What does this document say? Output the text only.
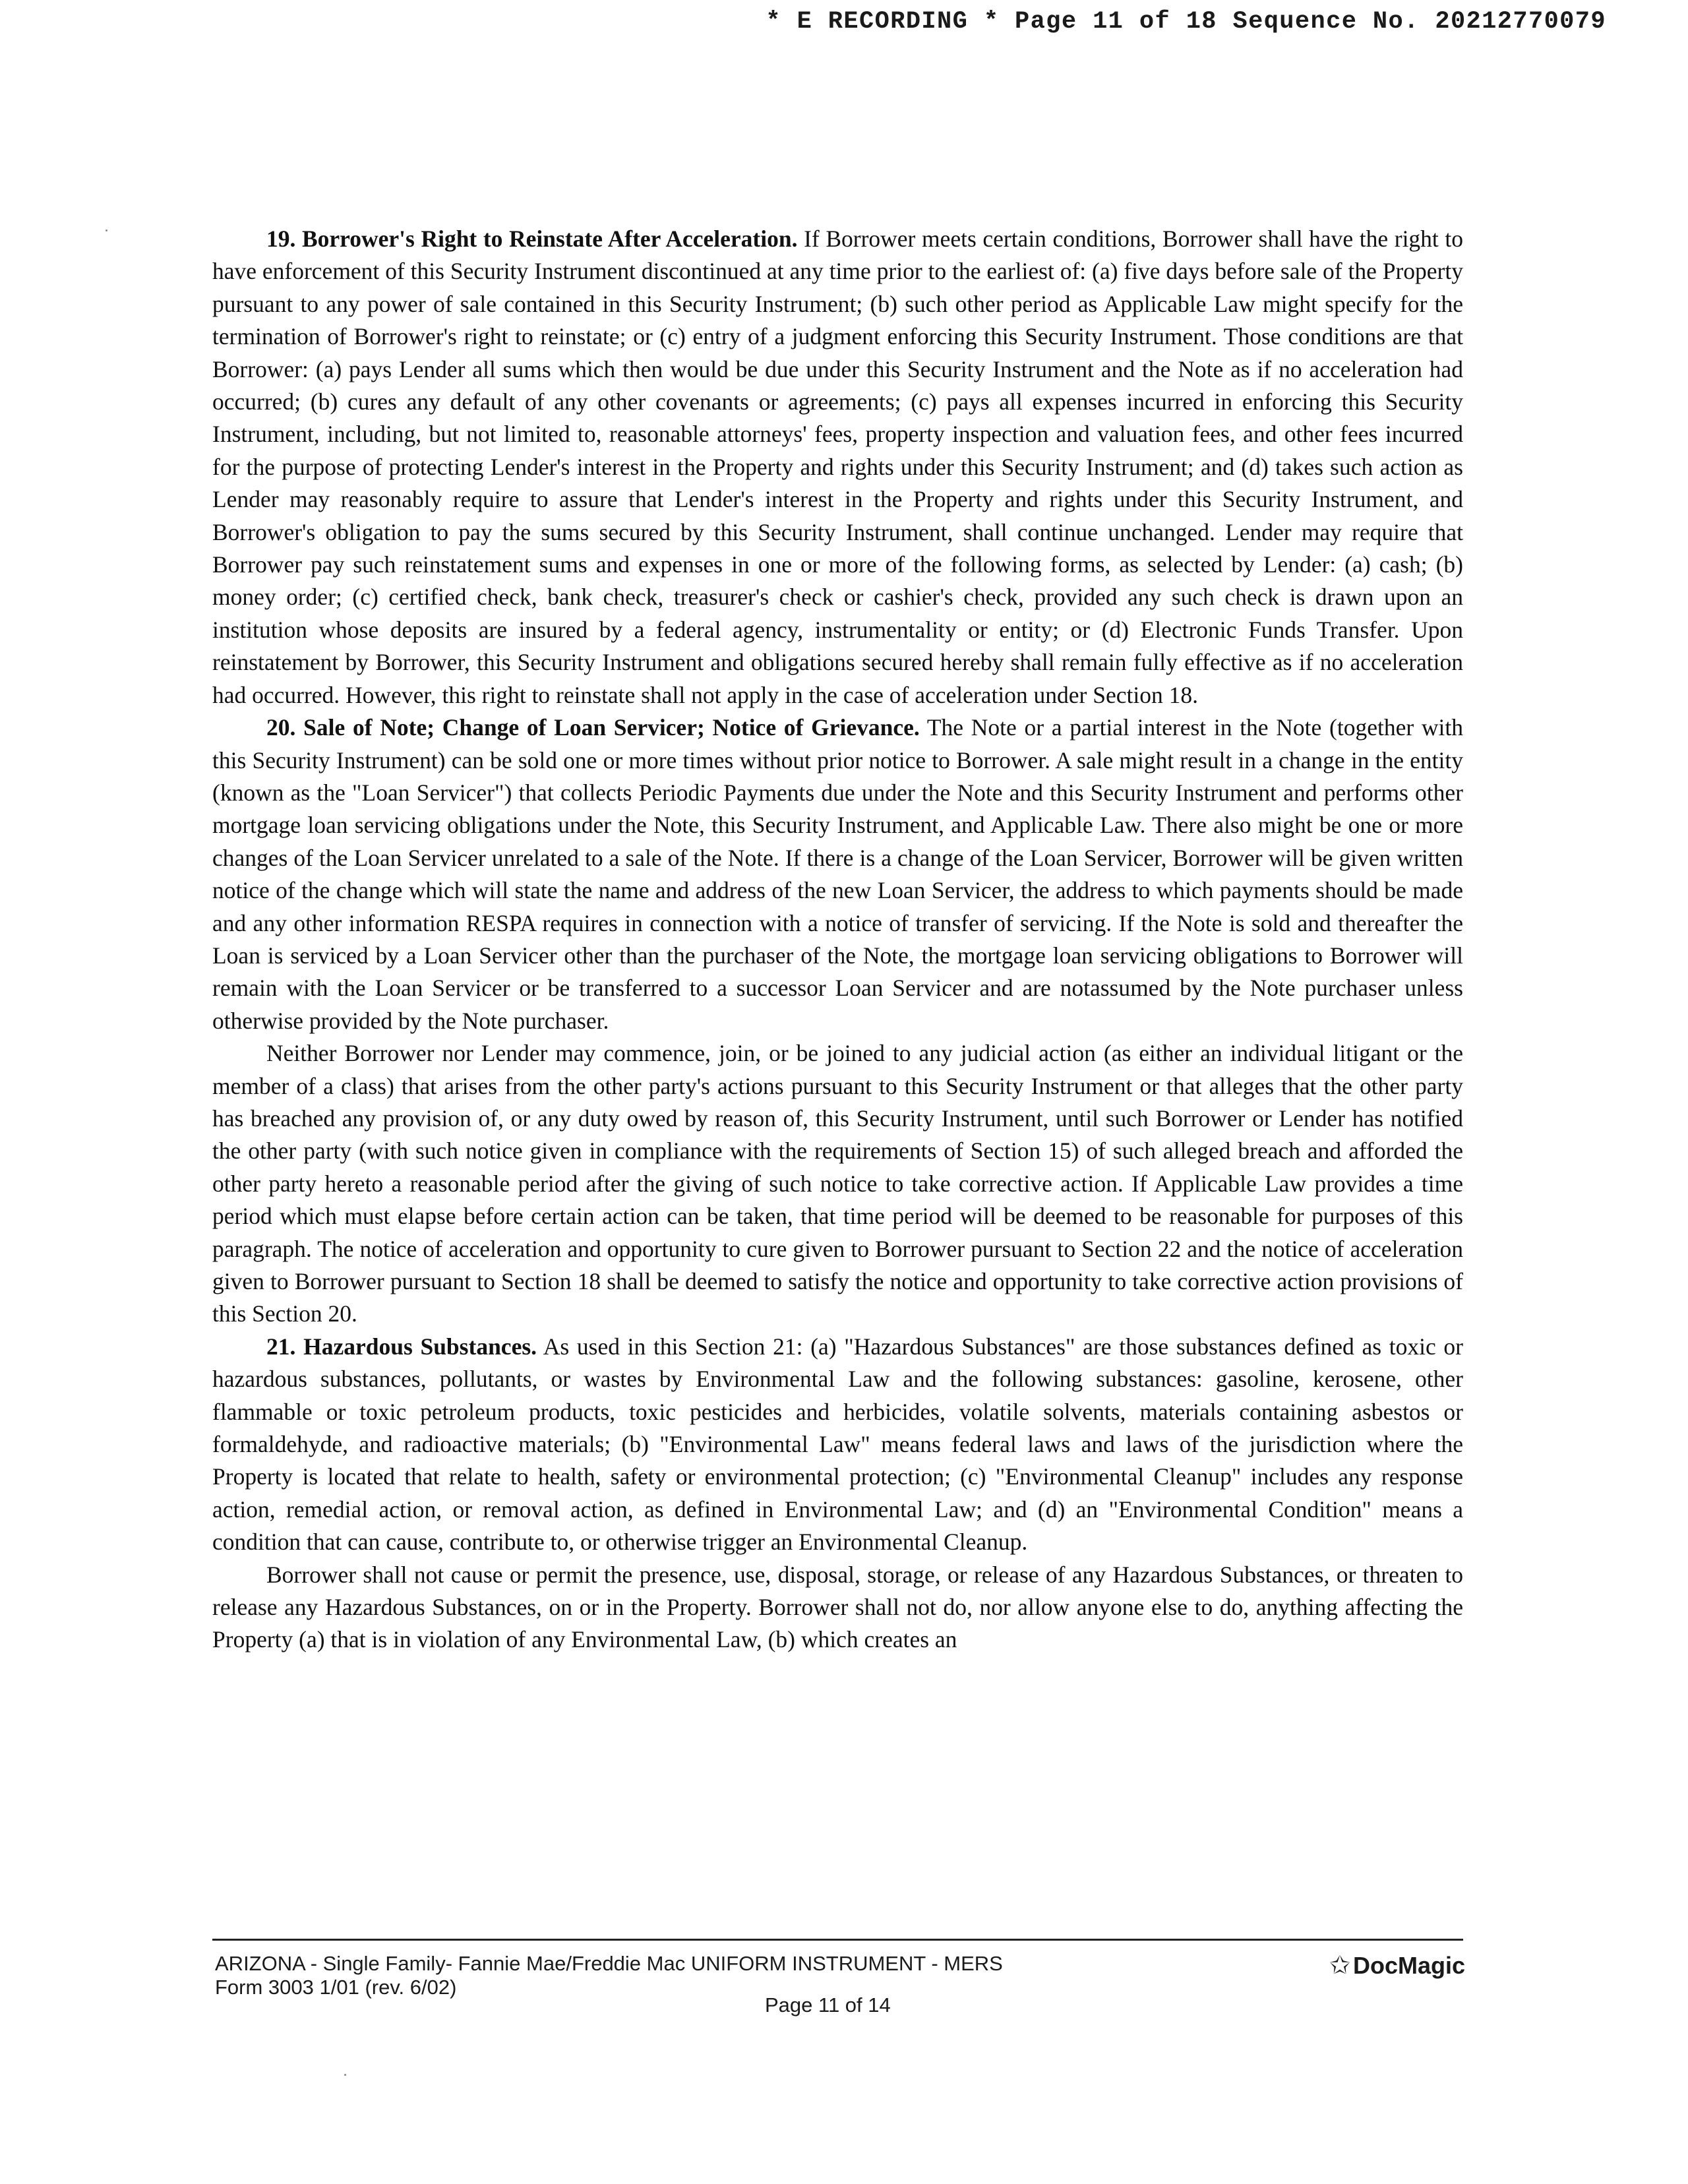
* E RECORDING * Page 11 of 18 Sequence No. 20212770079

19. Borrower's Right to Reinstate After Acceleration. If Borrower meets certain conditions, Borrower shall have the right to have enforcement of this Security Instrument discontinued at any time prior to the earliest of: (a) five days before sale of the Property pursuant to any power of sale contained in this Security Instrument; (b) such other period as Applicable Law might specify for the termination of Borrower's right to reinstate; or (c) entry of a judgment enforcing this Security Instrument. Those conditions are that Borrower: (a) pays Lender all sums which then would be due under this Security Instrument and the Note as if no acceleration had occurred; (b) cures any default of any other covenants or agreements; (c) pays all expenses incurred in enforcing this Security Instrument, including, but not limited to, reasonable attorneys' fees, property inspection and valuation fees, and other fees incurred for the purpose of protecting Lender's interest in the Property and rights under this Security Instrument; and (d) takes such action as Lender may reasonably require to assure that Lender's interest in the Property and rights under this Security Instrument, and Borrower's obligation to pay the sums secured by this Security Instrument, shall continue unchanged. Lender may require that Borrower pay such reinstatement sums and expenses in one or more of the following forms, as selected by Lender: (a) cash; (b) money order; (c) certified check, bank check, treasurer's check or cashier's check, provided any such check is drawn upon an institution whose deposits are insured by a federal agency, instrumentality or entity; or (d) Electronic Funds Transfer. Upon reinstatement by Borrower, this Security Instrument and obligations secured hereby shall remain fully effective as if no acceleration had occurred. However, this right to reinstate shall not apply in the case of acceleration under Section 18.

20. Sale of Note; Change of Loan Servicer; Notice of Grievance. The Note or a partial interest in the Note (together with this Security Instrument) can be sold one or more times without prior notice to Borrower. A sale might result in a change in the entity (known as the "Loan Servicer") that collects Periodic Payments due under the Note and this Security Instrument and performs other mortgage loan servicing obligations under the Note, this Security Instrument, and Applicable Law. There also might be one or more changes of the Loan Servicer unrelated to a sale of the Note. If there is a change of the Loan Servicer, Borrower will be given written notice of the change which will state the name and address of the new Loan Servicer, the address to which payments should be made and any other information RESPA requires in connection with a notice of transfer of servicing. If the Note is sold and thereafter the Loan is serviced by a Loan Servicer other than the purchaser of the Note, the mortgage loan servicing obligations to Borrower will remain with the Loan Servicer or be transferred to a successor Loan Servicer and are notassumed by the Note purchaser unless otherwise provided by the Note purchaser.

Neither Borrower nor Lender may commence, join, or be joined to any judicial action (as either an individual litigant or the member of a class) that arises from the other party's actions pursuant to this Security Instrument or that alleges that the other party has breached any provision of, or any duty owed by reason of, this Security Instrument, until such Borrower or Lender has notified the other party (with such notice given in compliance with the requirements of Section 15) of such alleged breach and afforded the other party hereto a reasonable period after the giving of such notice to take corrective action. If Applicable Law provides a time period which must elapse before certain action can be taken, that time period will be deemed to be reasonable for purposes of this paragraph. The notice of acceleration and opportunity to cure given to Borrower pursuant to Section 22 and the notice of acceleration given to Borrower pursuant to Section 18 shall be deemed to satisfy the notice and opportunity to take corrective action provisions of this Section 20.

21. Hazardous Substances. As used in this Section 21: (a) "Hazardous Substances" are those substances defined as toxic or hazardous substances, pollutants, or wastes by Environmental Law and the following substances: gasoline, kerosene, other flammable or toxic petroleum products, toxic pesticides and herbicides, volatile solvents, materials containing asbestos or formaldehyde, and radioactive materials; (b) "Environmental Law" means federal laws and laws of the jurisdiction where the Property is located that relate to health, safety or environmental protection; (c) "Environmental Cleanup" includes any response action, remedial action, or removal action, as defined in Environmental Law; and (d) an "Environmental Condition" means a condition that can cause, contribute to, or otherwise trigger an Environmental Cleanup.

Borrower shall not cause or permit the presence, use, disposal, storage, or release of any Hazardous Substances, or threaten to release any Hazardous Substances, on or in the Property. Borrower shall not do, nor allow anyone else to do, anything affecting the Property (a) that is in violation of any Environmental Law, (b) which creates an

ARIZONA - Single Family- Fannie Mae/Freddie Mac UNIFORM INSTRUMENT - MERS
Form 3003 1/01 (rev. 6/02)
Page 11 of 14
✩ DocMagic
